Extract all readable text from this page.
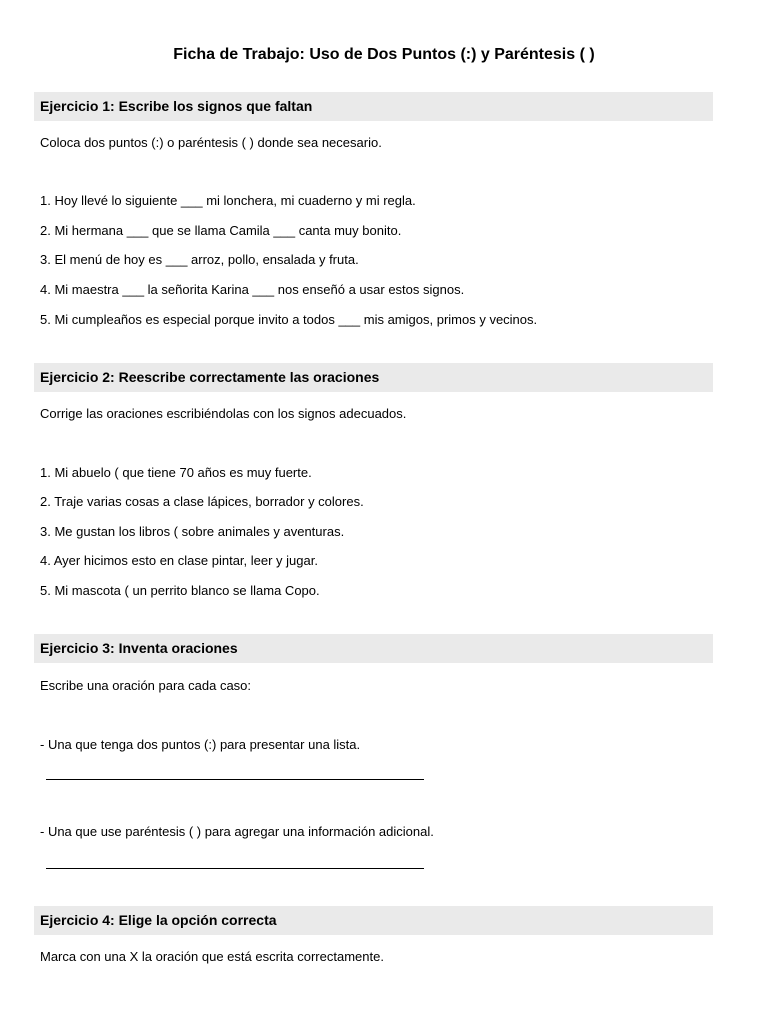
Ficha de Trabajo: Uso de Dos Puntos (:) y Paréntesis ( )
Ejercicio 1: Escribe los signos que faltan
Coloca dos puntos (:) o paréntesis ( ) donde sea necesario.
1. Hoy llevé lo siguiente ___ mi lonchera, mi cuaderno y mi regla.
2. Mi hermana ___ que se llama Camila ___ canta muy bonito.
3. El menú de hoy es ___ arroz, pollo, ensalada y fruta.
4. Mi maestra ___ la señorita Karina ___ nos enseñó a usar estos signos.
5. Mi cumpleaños es especial porque invito a todos ___ mis amigos, primos y vecinos.
Ejercicio 2: Reescribe correctamente las oraciones
Corrige las oraciones escribiéndolas con los signos adecuados.
1. Mi abuelo ( que tiene 70 años es muy fuerte.
2. Traje varias cosas a clase lápices, borrador y colores.
3. Me gustan los libros ( sobre animales y aventuras.
4. Ayer hicimos esto en clase pintar, leer y jugar.
5. Mi mascota ( un perrito blanco se llama Copo.
Ejercicio 3: Inventa oraciones
Escribe una oración para cada caso:
- Una que tenga dos puntos (:) para presentar una lista.
- Una que use paréntesis ( ) para agregar una información adicional.
Ejercicio 4: Elige la opción correcta
Marca con una X la oración que está escrita correctamente.
